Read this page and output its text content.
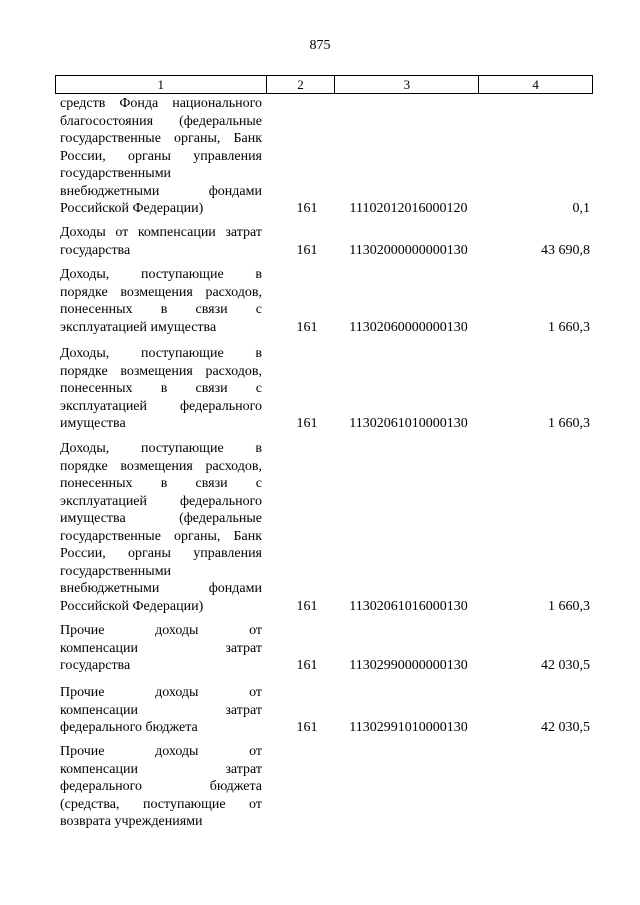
875
1	2	3	4
средств Фонда национального
благосостояния (федеральные
государственные органы, Банк
России, органы управления
государственными
внебюджетными фондами
Российской Федерации)	161	11102012016000120	0,1
Доходы от компенсации затрат
государства	161	11302000000000130	43 690,8
Доходы, поступающие в
порядке возмещения расходов,
понесенных в связи с
эксплуатацией имущества	161	11302060000000130	1 660,3
Доходы, поступающие в
порядке возмещения расходов,
понесенных в связи с
эксплуатацией федерального
имущества	161	11302061010000130	1 660,3
Доходы, поступающие в
порядке возмещения расходов,
понесенных в связи с
эксплуатацией федерального
имущества (федеральные
государственные органы, Банк
России, органы управления
государственными
внебюджетными фондами
Российской Федерации)	161	11302061016000130	1 660,3
Прочие доходы от
компенсации затрат
государства	161	11302990000000130	42 030,5
Прочие доходы от
компенсации затрат
федерального бюджета	161	11302991010000130	42 030,5
Прочие доходы от
компенсации затрат
федерального бюджета
(средства, поступающие от
возврата учреждениями
